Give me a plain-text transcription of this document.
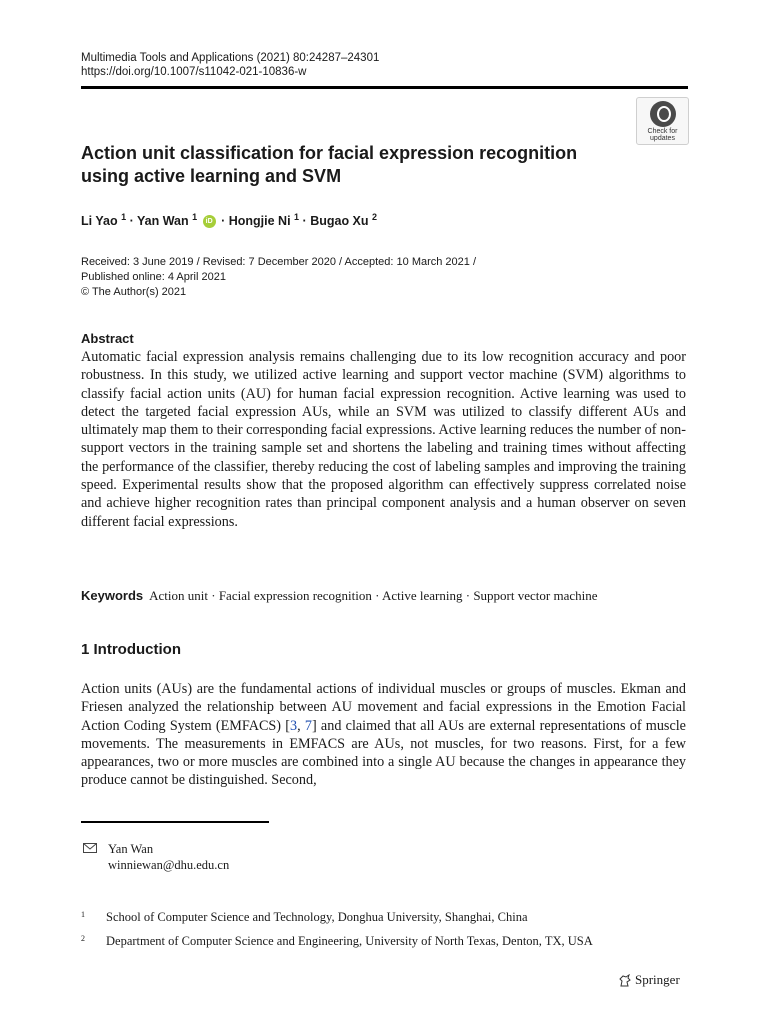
Multimedia Tools and Applications (2021) 80:24287–24301
https://doi.org/10.1007/s11042-021-10836-w
Check for updates
Action unit classification for facial expression recognition using active learning and SVM
Li Yao $^1$ · Yan Wan $^1$ iD · Hongjie Ni $^1$ · Bugao Xu $^2$
Received: 3 June 2019 / Revised: 7 December 2020 / Accepted: 10 March 2021 /
Published online: 4 April 2021
© The Author(s) 2021
Abstract
Automatic facial expression analysis remains challenging due to its low recognition accuracy and poor robustness. In this study, we utilized active learning and support vector machine (SVM) algorithms to classify facial action units (AU) for human facial expression recognition. Active learning was used to detect the targeted facial expression AUs, while an SVM was utilized to classify different AUs and ultimately map them to their corresponding facial expressions. Active learning reduces the number of non-support vectors in the training sample set and shortens the labeling and training times without affecting the performance of the classifier, thereby reducing the cost of labeling samples and improving the training speed. Experimental results show that the proposed algorithm can effectively suppress correlated noise and achieve higher recognition rates than principal component analysis and a human observer on seven different facial expressions.
Keywords Action unit · Facial expression recognition · Active learning · Support vector machine
1 Introduction
Action units (AUs) are the fundamental actions of individual muscles or groups of muscles. Ekman and Friesen analyzed the relationship between AU movement and facial expressions in the Emotion Facial Action Coding System (EMFACS) [3, 7] and claimed that all AUs are external representations of muscle movements. The measurements in EMFACS are AUs, not muscles, for two reasons. First, for a few appearances, two or more muscles are combined into a single AU because the changes in appearance they produce cannot be distinguished. Second,
Yan Wan
winniewan@dhu.edu.cn
1 School of Computer Science and Technology, Donghua University, Shanghai, China
2 Department of Computer Science and Engineering, University of North Texas, Denton, TX, USA
Springer
